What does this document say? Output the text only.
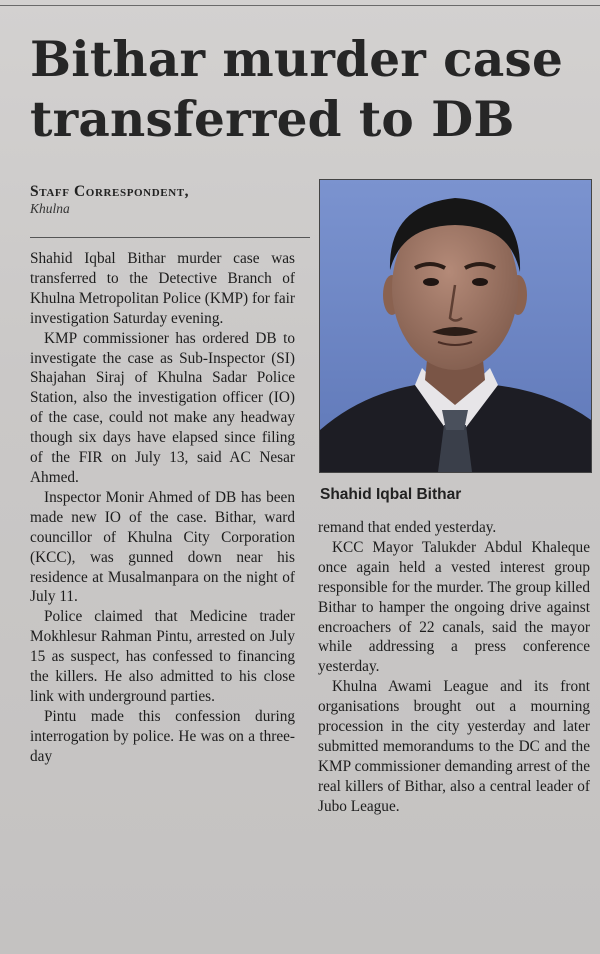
Bithar murder case
transferred to DB
Staff Correspondent,
Khulna

Shahid Iqbal Bithar murder case was transferred to the Detective Branch of Khulna Metropolitan Police (KMP) for fair investigation Saturday evening.

KMP commissioner has ordered DB to investigate the case as Sub-Inspector (SI) Shajahan Siraj of Khulna Sadar Police Station, also the investigation officer (IO) of the case, could not make any headway though six days have elapsed since filing of the FIR on July 13, said AC Nesar Ahmed.

Inspector Monir Ahmed of DB has been made new IO of the case. Bithar, ward councillor of Khulna City Corporation (KCC), was gunned down near his residence at Musalmanpara on the night of July 11.

Police claimed that Medicine trader Mokhlesur Rahman Pintu, arrested on July 15 as suspect, has confessed to financing the killers. He also admitted to his close link with underground parties.

Pintu made this confession during interrogation by police. He was on a three- day

Shahid Iqbal Bithar

remand that ended yesterday.

KCC Mayor Talukder Abdul Khaleque once again held a vested interest group responsible for the murder. The group killed Bithar to hamper the ongoing drive against encroachers of 22 canals, said the mayor while addressing a press conference yesterday.

Khulna Awami League and its front organisations brought out a mourning procession in the city yesterday and later submitted memorandums to the DC and the KMP commissioner demanding arrest of the real killers of Bithar, also a central leader of Jubo League.
